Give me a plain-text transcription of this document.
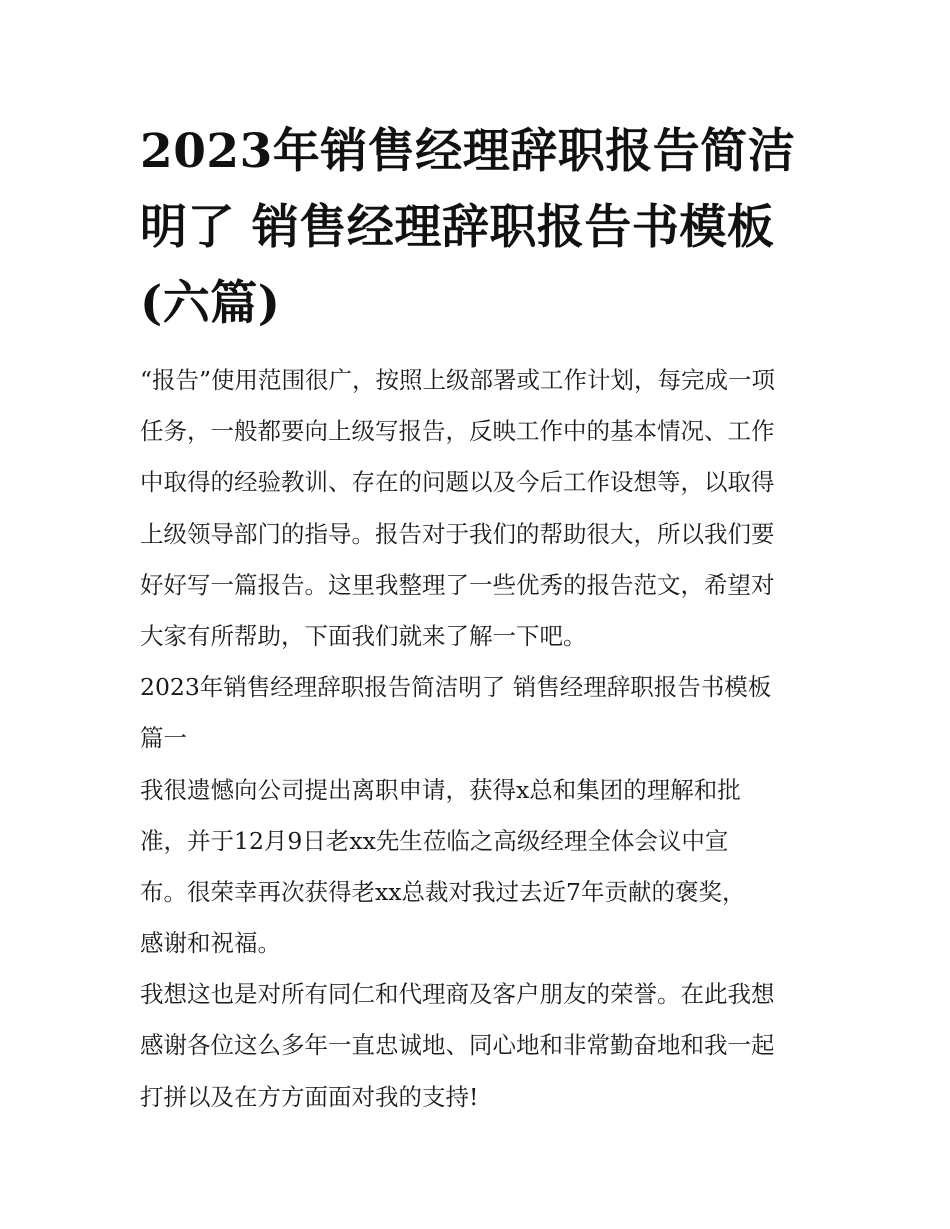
2023年销售经理辞职报告简洁
明了 销售经理辞职报告书模板
(六篇)
“报告”使用范围很广，按照上级部署或工作计划，每完成一项
任务，一般都要向上级写报告，反映工作中的基本情况、工作
中取得的经验教训、存在的问题以及今后工作设想等，以取得
上级领导部门的指导。报告对于我们的帮助很大，所以我们要
好好写一篇报告。这里我整理了一些优秀的报告范文，希望对
大家有所帮助，下面我们就来了解一下吧。
2023年销售经理辞职报告简洁明了 销售经理辞职报告书模板
篇一
我很遗憾向公司提出离职申请，获得x总和集团的理解和批
准，并于12月9日老xx先生莅临之高级经理全体会议中宣
布。很荣幸再次获得老xx总裁对我过去近7年贡献的褒奖，
感谢和祝福。
我想这也是对所有同仁和代理商及客户朋友的荣誉。在此我想
感谢各位这么多年一直忠诚地、同心地和非常勤奋地和我一起
打拼以及在方方面面对我的支持!
